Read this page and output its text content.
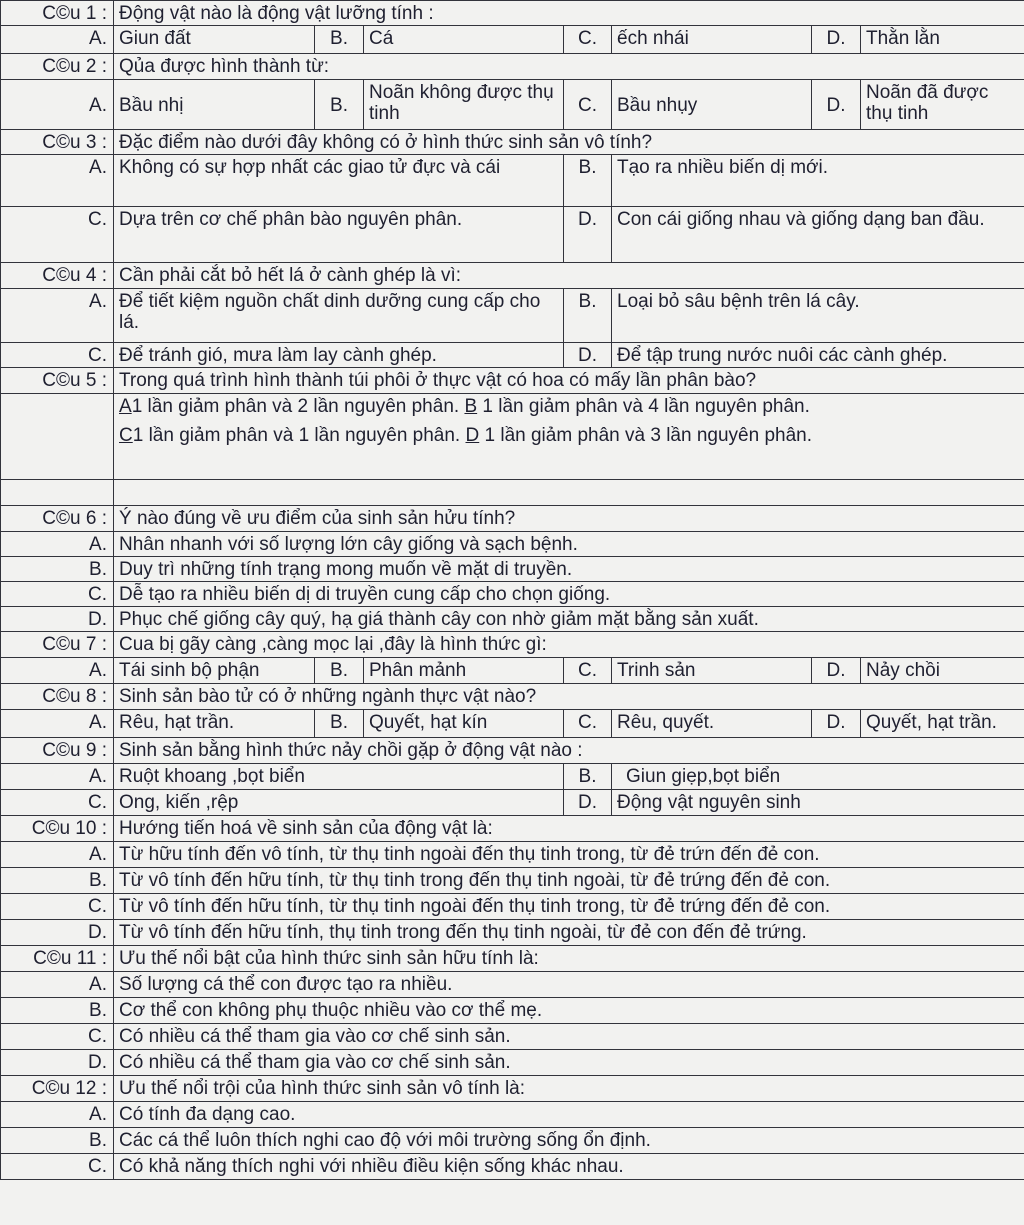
C©u 1 :	Động vật nào là động vật lưỡng tính :						
A.	Giun đất	B.	Cá	C.	ếch nhái	D.	Thằn lằn
C©u 2 :	Qủa được hình thành từ:						
A.	Bầu nhị	B.	Noãn không được thụ tinh	C.	Bầu nhụy	D.	Noãn đã được thụ tinh
C©u 3 :	Đặc điểm nào dưới đây không có ở hình thức sinh sản vô tính?						
A.	Không có sự hợp nhất các giao tử đực và cái			B.	Tạo ra nhiều biến dị mới.		
C.	Dựa trên cơ chế phân bào nguyên phân.			D.	Con cái giống nhau và giống dạng ban đầu.		
C©u 4 :	Cần phải cắt bỏ hết lá ở cành ghép là vì:						
A.	Để tiết kiệm nguồn chất dinh dưỡng cung cấp cho lá.			B.	Loại bỏ sâu bệnh trên lá cây.		
C.	Để tránh gió, mưa làm lay cành ghép.			D.	Để tập trung nước nuôi các cành ghép.		
C©u 5 :	Trong quá trình hình thành túi phôi ở thực vật có hoa có mấy lần phân bào?						

	A1 lần giảm phân và 2 lần nguyên phân. B 1 lần giảm phân và 4 lần nguyên phân.
C1 lần giảm phân và 1 lần nguyên phân. D 1 lần giảm phân và 3 lần nguyên phân.						

C©u 6 :	Ý nào đúng về ưu điểm của sinh sản hửu tính?						
A.	Nhân nhanh với số lượng lớn cây giống và sạch bệnh.						
B.	Duy trì những tính trạng mong muốn về mặt di truyền.						
C.	Dễ tạo ra nhiều biến dị di truyền cung cấp cho chọn giống.						
D.	Phục chế giống cây quý, hạ giá thành cây con nhờ giảm mặt bằng sản xuất.						
C©u 7 :	Cua bị gãy càng ,càng mọc lại ,đây là hình thức gì:						
A.	Tái sinh bộ phận	B.	Phân mảnh	C.	Trinh sản	D.	Nảy chồi
C©u 8 :	Sinh sản bào tử có ở những ngành thực vật nào?						
A.	Rêu, hạt trần.	B.	Quyết, hạt kín	C.	Rêu, quyết.	D.	Quyết, hạt trần.
C©u 9 :	Sinh sản bằng hình thức nảy chồi gặp ở động vật nào :						
A.	Ruột khoang ,bọt biển			B.	Giun giẹp,bọt biển		
C.	Ong, kiến ,rệp			D.	Động vật nguyên sinh		
C©u 10 :	Hướng tiến hoá về sinh sản của động vật là:						
A.	Từ hữu tính đến vô tính, từ thụ tinh ngoài đến thụ tinh trong, từ đẻ trứn đến đẻ con.						
B.	Từ vô tính đến hữu tính, từ thụ tinh trong đến thụ tinh ngoài, từ đẻ trứng đến đẻ con.						
C.	Từ vô tính đến hữu tính, từ thụ tinh ngoài đến thụ tinh trong, từ đẻ trứng đến đẻ con.						
D.	Từ vô tính đến hữu tính, thụ tinh trong đến thụ tinh ngoài, từ đẻ con đến đẻ trứng.						
C©u 11 :	Ưu thế nổi bật của hình thức sinh sản hữu tính là:						
A.	Số lượng cá thể con được tạo ra nhiều.						
B.	Cơ thể con không phụ thuộc nhiều vào cơ thể mẹ.						
C.	Có nhiều cá thể tham gia vào cơ chế sinh sản.						
D.	Có nhiều cá thể tham gia vào cơ chế sinh sản.						
C©u 12 :	Ưu thế nổi trội của hình thức sinh sản vô tính là:						
A.	Có tính đa dạng cao.						
B.	Các cá thể luôn thích nghi cao độ với môi trường sống ổn định.						
C.	Có khả năng thích nghi với nhiều điều kiện sống khác nhau.						
